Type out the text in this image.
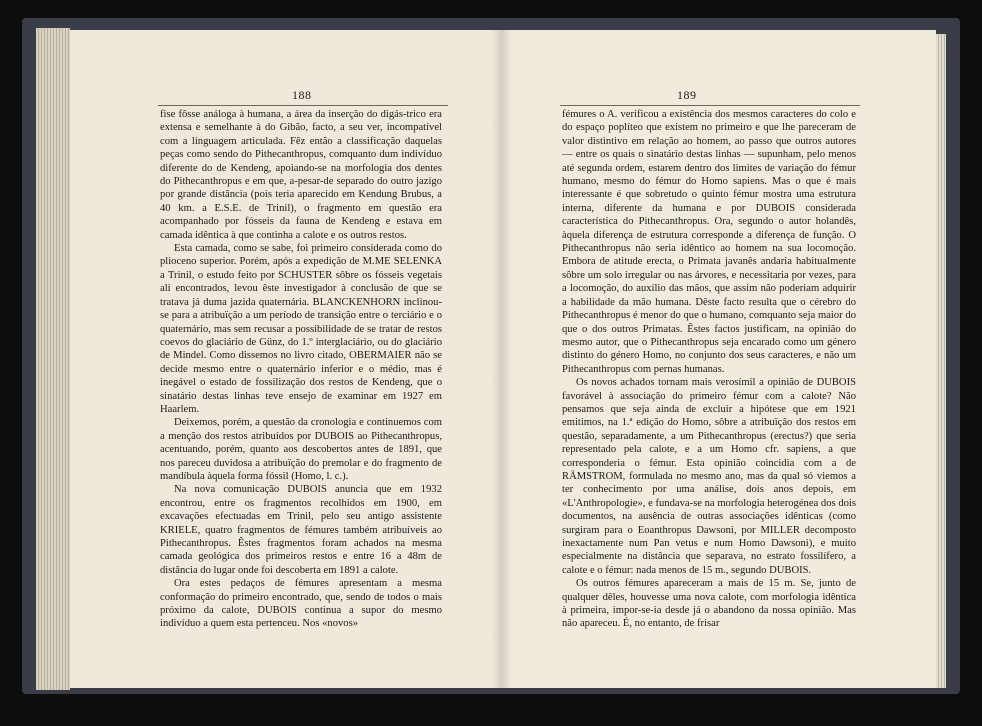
188

fise fôsse análoga à humana, a área da inserção do digás-trico era extensa e semelhante à do Gibão, facto, a seu ver, incompatível com a linguagem articulada. Fêz então a classificação daquelas peças como sendo do Pithecanthropus, comquanto dum indivíduo diferente do de Kendeng, apoiando-se na morfologia dos dentes do Pithecanthropus e em que, a-pesar-de separado do outro jazigo por grande distância (pois teria aparecido em Kendung Brubus, a 40 km. a E.S.E. de Trinil), o fragmento em questão era acompanhado por fósseis da fauna de Kendeng e estava em camada idêntica à que continha a calote e os outros restos.

Esta camada, como se sabe, foi primeiro considerada como do plioceno superior. Porém, após a expedição de M.ME SELENKA a Trinil, o estudo feito por SCHUSTER sôbre os fósseis vegetais ali encontrados, levou êste investigador à conclusão de que se tratava já duma jazida quaternária. BLANCKENHORN inclinou-se para a atribuïção a um período de transição entre o terciário e o quaternário, mas sem recusar a possibilidade de se tratar de restos coevos do glaciário de Günz, do 1.º interglaciário, ou do glaciário de Mindel. Como dissemos no livro citado, OBERMAIER não se decide mesmo entre o quaternário inferior e o médio, mas é inegável o estado de fossilização dos restos de Kendeng, que o sinatário destas linhas teve ensejo de examinar em 1927 em Haarlem.

Deixemos, porém, a questão da cronologia e continuemos com a menção dos restos atribuídos por DUBOIS ao Pithecanthropus, acentuando, porém, quanto aos descobertos antes de 1891, que nos pareceu duvidosa a atribuïção do premolar e do fragmento de mandíbula àquela forma fóssil (Homo, l. c.).

Na nova comunicação DUBOIS anuncia que em 1932 encontrou, entre os fragmentos recolhidos em 1900, em excavações efectuadas em Trinil, pelo seu antigo assistente KRIELE, quatro fragmentos de fémures também atribuíveis ao Pithecanthropus. Êstes fragmentos foram achados na mesma camada geológica dos primeiros restos e entre 16 a 48m de distância do lugar onde foi descoberta em 1891 a calote.

Ora estes pedaços de fémures apresentam a mesma conformação do primeiro encontrado, que, sendo de todos o mais próximo da calote, DUBOIS continua a supor do mesmo indivíduo a quem esta pertenceu. Nos «novos»

189

fémures o A. verificou a existência dos mesmos caracteres do colo e do espaço poplíteo que existem no primeiro e que lhe pareceram de valor distintivo em relação ao homem, ao passo que outros autores — entre os quais o sinatário destas linhas — supunham, pelo menos até segunda ordem, estarem dentro dos limites de variação do fémur humano, mesmo do fémur do Homo sapiens. Mas o que é mais interessante é que sobretudo o quinto fémur mostra uma estrutura interna, diferente da humana e por DUBOIS considerada característica do Pithecanthropus. Ora, segundo o autor holandês, àquela diferença de estrutura corresponde a diferença de função. O Pithecanthropus não seria idêntico ao homem na sua locomoção. Embora de atitude erecta, o Primata javanês andaria habitualmente sôbre um solo irregular ou nas árvores, e necessitaria por vezes, para a locomoção, do auxílio das mãos, que assim não poderiam adquirir a habilidade da mão humana. Dêste facto resulta que o cérebro do Pithecanthropus é menor do que o humano, comquanto seja maior do que o dos outros Primatas. Êstes factos justificam, na opinião do mesmo autor, que o Pithecanthropus seja encarado como um género distinto do género Homo, no conjunto dos seus caracteres, e não um Pithecanthropus com pernas humanas.

Os novos achados tornam mais verosímil a opinião de DUBOIS favorável à associação do primeiro fémur com a calote? Não pensamos que seja ainda de excluir a hipótese que em 1921 emitimos, na 1.ª edição do Homo, sôbre a atribuïção dos restos em questão, separadamente, a um Pithecanthropus (erectus?) que seria representado pela calote, e a um Homo cfr. sapiens, a que corresponderia o fémur. Esta opinião coincidia com a de RÄMSTROM, formulada no mesmo ano, mas da qual só viemos a ter conhecimento por uma análise, dois anos depois, em «L'Anthropologie», e fundava-se na morfologia heterogénea dos dois documentos, na ausência de outras associações idênticas (como surgiram para o Eoanthropus Dawsoni, por MILLER decomposto inexactamente num Pan vetus e num Homo Dawsoni), e muito especialmente na distância que separava, no estrato fossilífero, a calote e o fémur: nada menos de 15 m., segundo DUBOIS.

Os outros fémures apareceram a mais de 15 m. Se, junto de qualquer dêles, houvesse uma nova calote, com morfologia idêntica à primeira, impor-se-ia desde já o abandono da nossa opinião. Mas não apareceu. É, no entanto, de frisar
